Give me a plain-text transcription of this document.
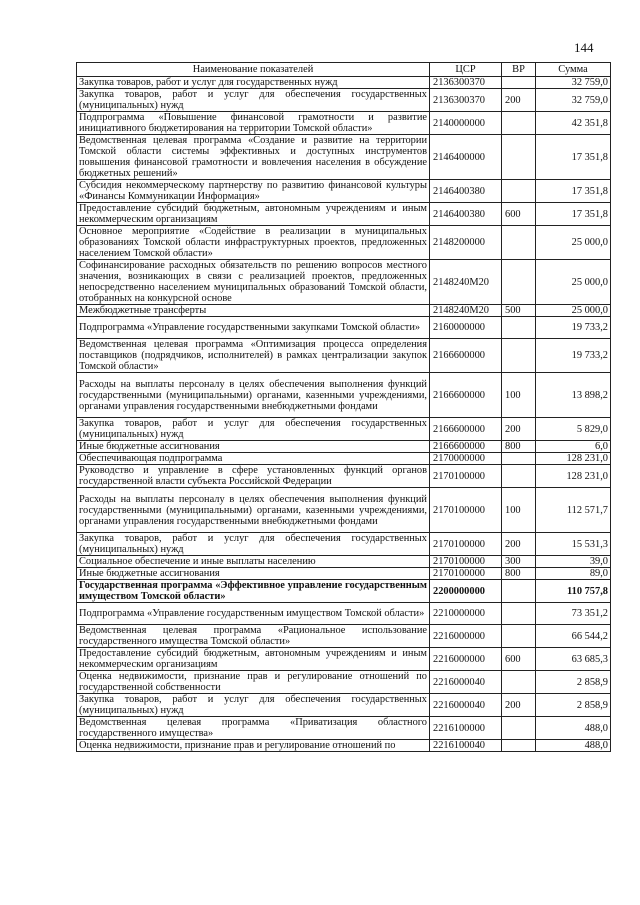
144
Наименование показателей	ЦСР	ВР	Сумма
Закупка товаров, работ и услуг для государственных нужд	2136300370		32 759,0
Закупка товаров, работ и услуг для обеспечения государственных (муниципальных) нужд	2136300370	200	32 759,0
Подпрограмма «Повышение финансовой грамотности и развитие инициативного бюджетирования на территории Томской области»	2140000000		42 351,8
Ведомственная целевая программа «Создание и развитие на территории Томской области системы эффективных и доступных инструментов повышения финансовой грамотности и вовлечения населения в обсуждение бюджетных решений»	2146400000		17 351,8
Субсидия некоммерческому партнерству по развитию финансовой культуры «Финансы Коммуникации Информация»	2146400380		17 351,8
Предоставление субсидий бюджетным, автономным учреждениям и иным некоммерческим организациям	2146400380	600	17 351,8
Основное мероприятие «Содействие в реализации в муниципальных образованиях Томской области инфраструктурных проектов, предложенных населением Томской области»	2148200000		25 000,0
Софинансирование расходных обязательств по решению вопросов местного значения, возникающих в связи с реализацией проектов, предложенных непосредственно населением муниципальных образований Томской области, отобранных на конкурсной основе	2148240M20		25 000,0
Межбюджетные трансферты	2148240M20	500	25 000,0
Подпрограмма «Управление государственными закупками Томской области»	2160000000		19 733,2
Ведомственная целевая программа «Оптимизация процесса определения поставщиков (подрядчиков, исполнителей) в рамках централизации закупок Томской области»	2166600000		19 733,2
Расходы на выплаты персоналу в целях обеспечения выполнения функций государственными (муниципальными) органами, казенными учреждениями, органами управления государственными внебюджетными фондами	2166600000	100	13 898,2
Закупка товаров, работ и услуг для обеспечения государственных (муниципальных) нужд	2166600000	200	5 829,0
Иные бюджетные ассигнования	2166600000	800	6,0
Обеспечивающая подпрограмма	2170000000		128 231,0
Руководство и управление в сфере установленных функций органов государственной власти субъекта Российской Федерации	2170100000		128 231,0
Расходы на выплаты персоналу в целях обеспечения выполнения функций государственными (муниципальными) органами, казенными учреждениями, органами управления государственными внебюджетными фондами	2170100000	100	112 571,7
Закупка товаров, работ и услуг для обеспечения государственных (муниципальных) нужд	2170100000	200	15 531,3
Социальное обеспечение и иные выплаты населению	2170100000	300	39,0
Иные бюджетные ассигнования	2170100000	800	89,0
Государственная программа «Эффективное управление государственным имуществом Томской области»	2200000000		110 757,8
Подпрограмма «Управление государственным имуществом Томской области»	2210000000		73 351,2
Ведомственная целевая программа «Рациональное использование государственного имущества Томской области»	2216000000		66 544,2
Предоставление субсидий бюджетным, автономным учреждениям и иным некоммерческим организациям	2216000000	600	63 685,3
Оценка недвижимости, признание прав и регулирование отношений по государственной собственности	2216000040		2 858,9
Закупка товаров, работ и услуг для обеспечения государственных (муниципальных) нужд	2216000040	200	2 858,9
Ведомственная целевая программа «Приватизация областного государственного имущества»	2216100000		488,0
Оценка недвижимости, признание прав и регулирование отношений по	2216100040		488,0
